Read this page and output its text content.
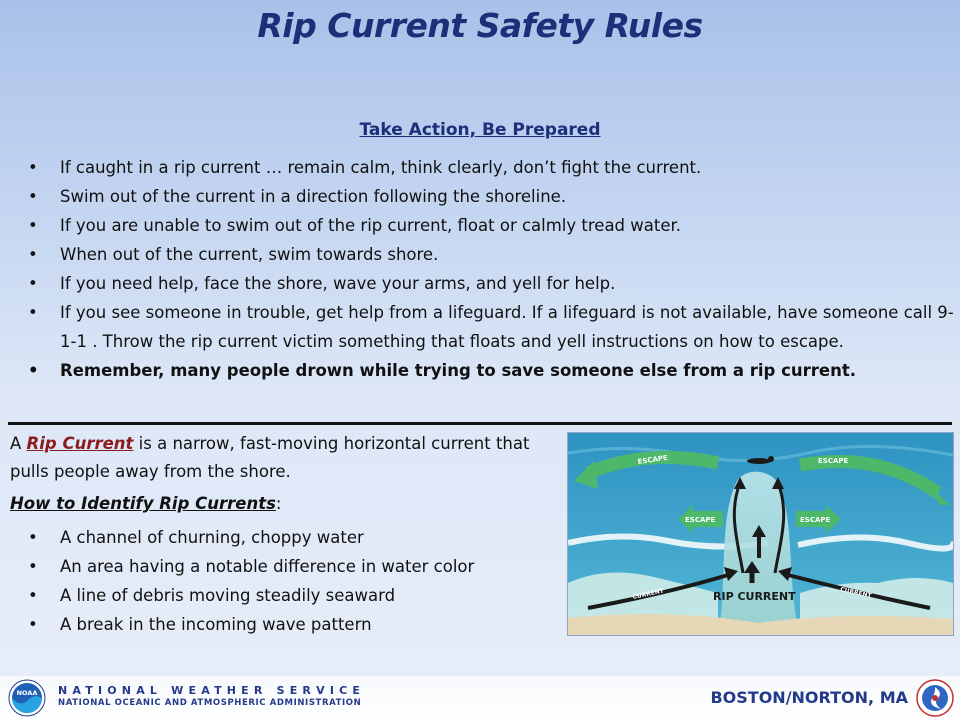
Rip Current Safety Rules
Take Action, Be Prepared
• If caught in a rip current … remain calm, think clearly, don’t fight the current.
• Swim out of the current in a direction following the shoreline.
• If you are unable to swim out of the rip current, float or calmly tread water.
• When out of the current, swim towards shore.
• If you need help, face the shore, wave your arms, and yell for help.
• If you see someone in trouble, get help from a lifeguard. If a lifeguard is not available, have someone call 9-1-1 . Throw the rip current victim something that floats and yell instructions on how to escape.
• Remember, many people drown while trying to save someone else from a rip current.
A Rip Current is a narrow, fast-moving horizontal current that pulls people away from the shore.
How to Identify Rip Currents:
• A channel of churning, choppy water
• An area having a notable difference in water color
• A line of debris moving steadily seaward
• A break in the incoming wave pattern
ESCAPE	ESCAPE
ESCAPE	ESCAPE
CURRENT	CURRENT
RIP CURRENT
NOAA NATIONAL WEATHER SERVICE
NATIONAL OCEANIC AND ATMOSPHERIC ADMINISTRATION	BOSTON/NORTON, MA
